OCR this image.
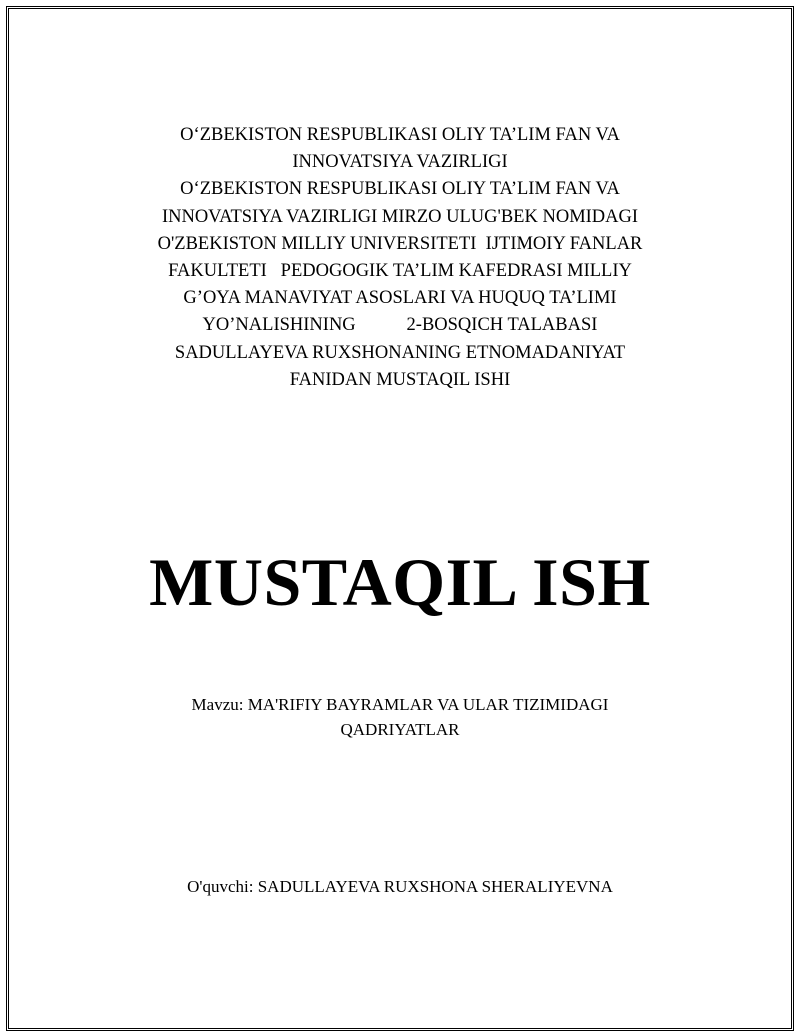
O‘ZBEKISTON RESPUBLIKASI OLIY TA’LIM FAN VA
INNOVATSIYA VAZIRLIGI
O‘ZBEKISTON RESPUBLIKASI OLIY TA’LIM FAN VA
INNOVATSIYA VAZIRLIGI MIRZO ULUG'BEK NOMIDAGI
O'ZBEKISTON MILLIY UNIVERSITETI  IJTIMOIY FANLAR
FAKULTETI   PEDOGOGIK TA’LIM KAFEDRASI MILLIY
G’OYA MANAVIYAT ASOSLARI VA HUQUQ TA’LIMI
YO’NALISHINING           2-BOSQICH TALABASI
SADULLAYEVA RUXSHONANING ETNOMADANIYAT
FANIDAN MUSTAQIL ISHI
MUSTAQIL ISH
Mavzu: MA'RIFIY BAYRAMLAR VA ULAR TIZIMIDAGI
QADRIYATLAR
O'quvchi: SADULLAYEVA RUXSHONA SHERALIYEVNA
